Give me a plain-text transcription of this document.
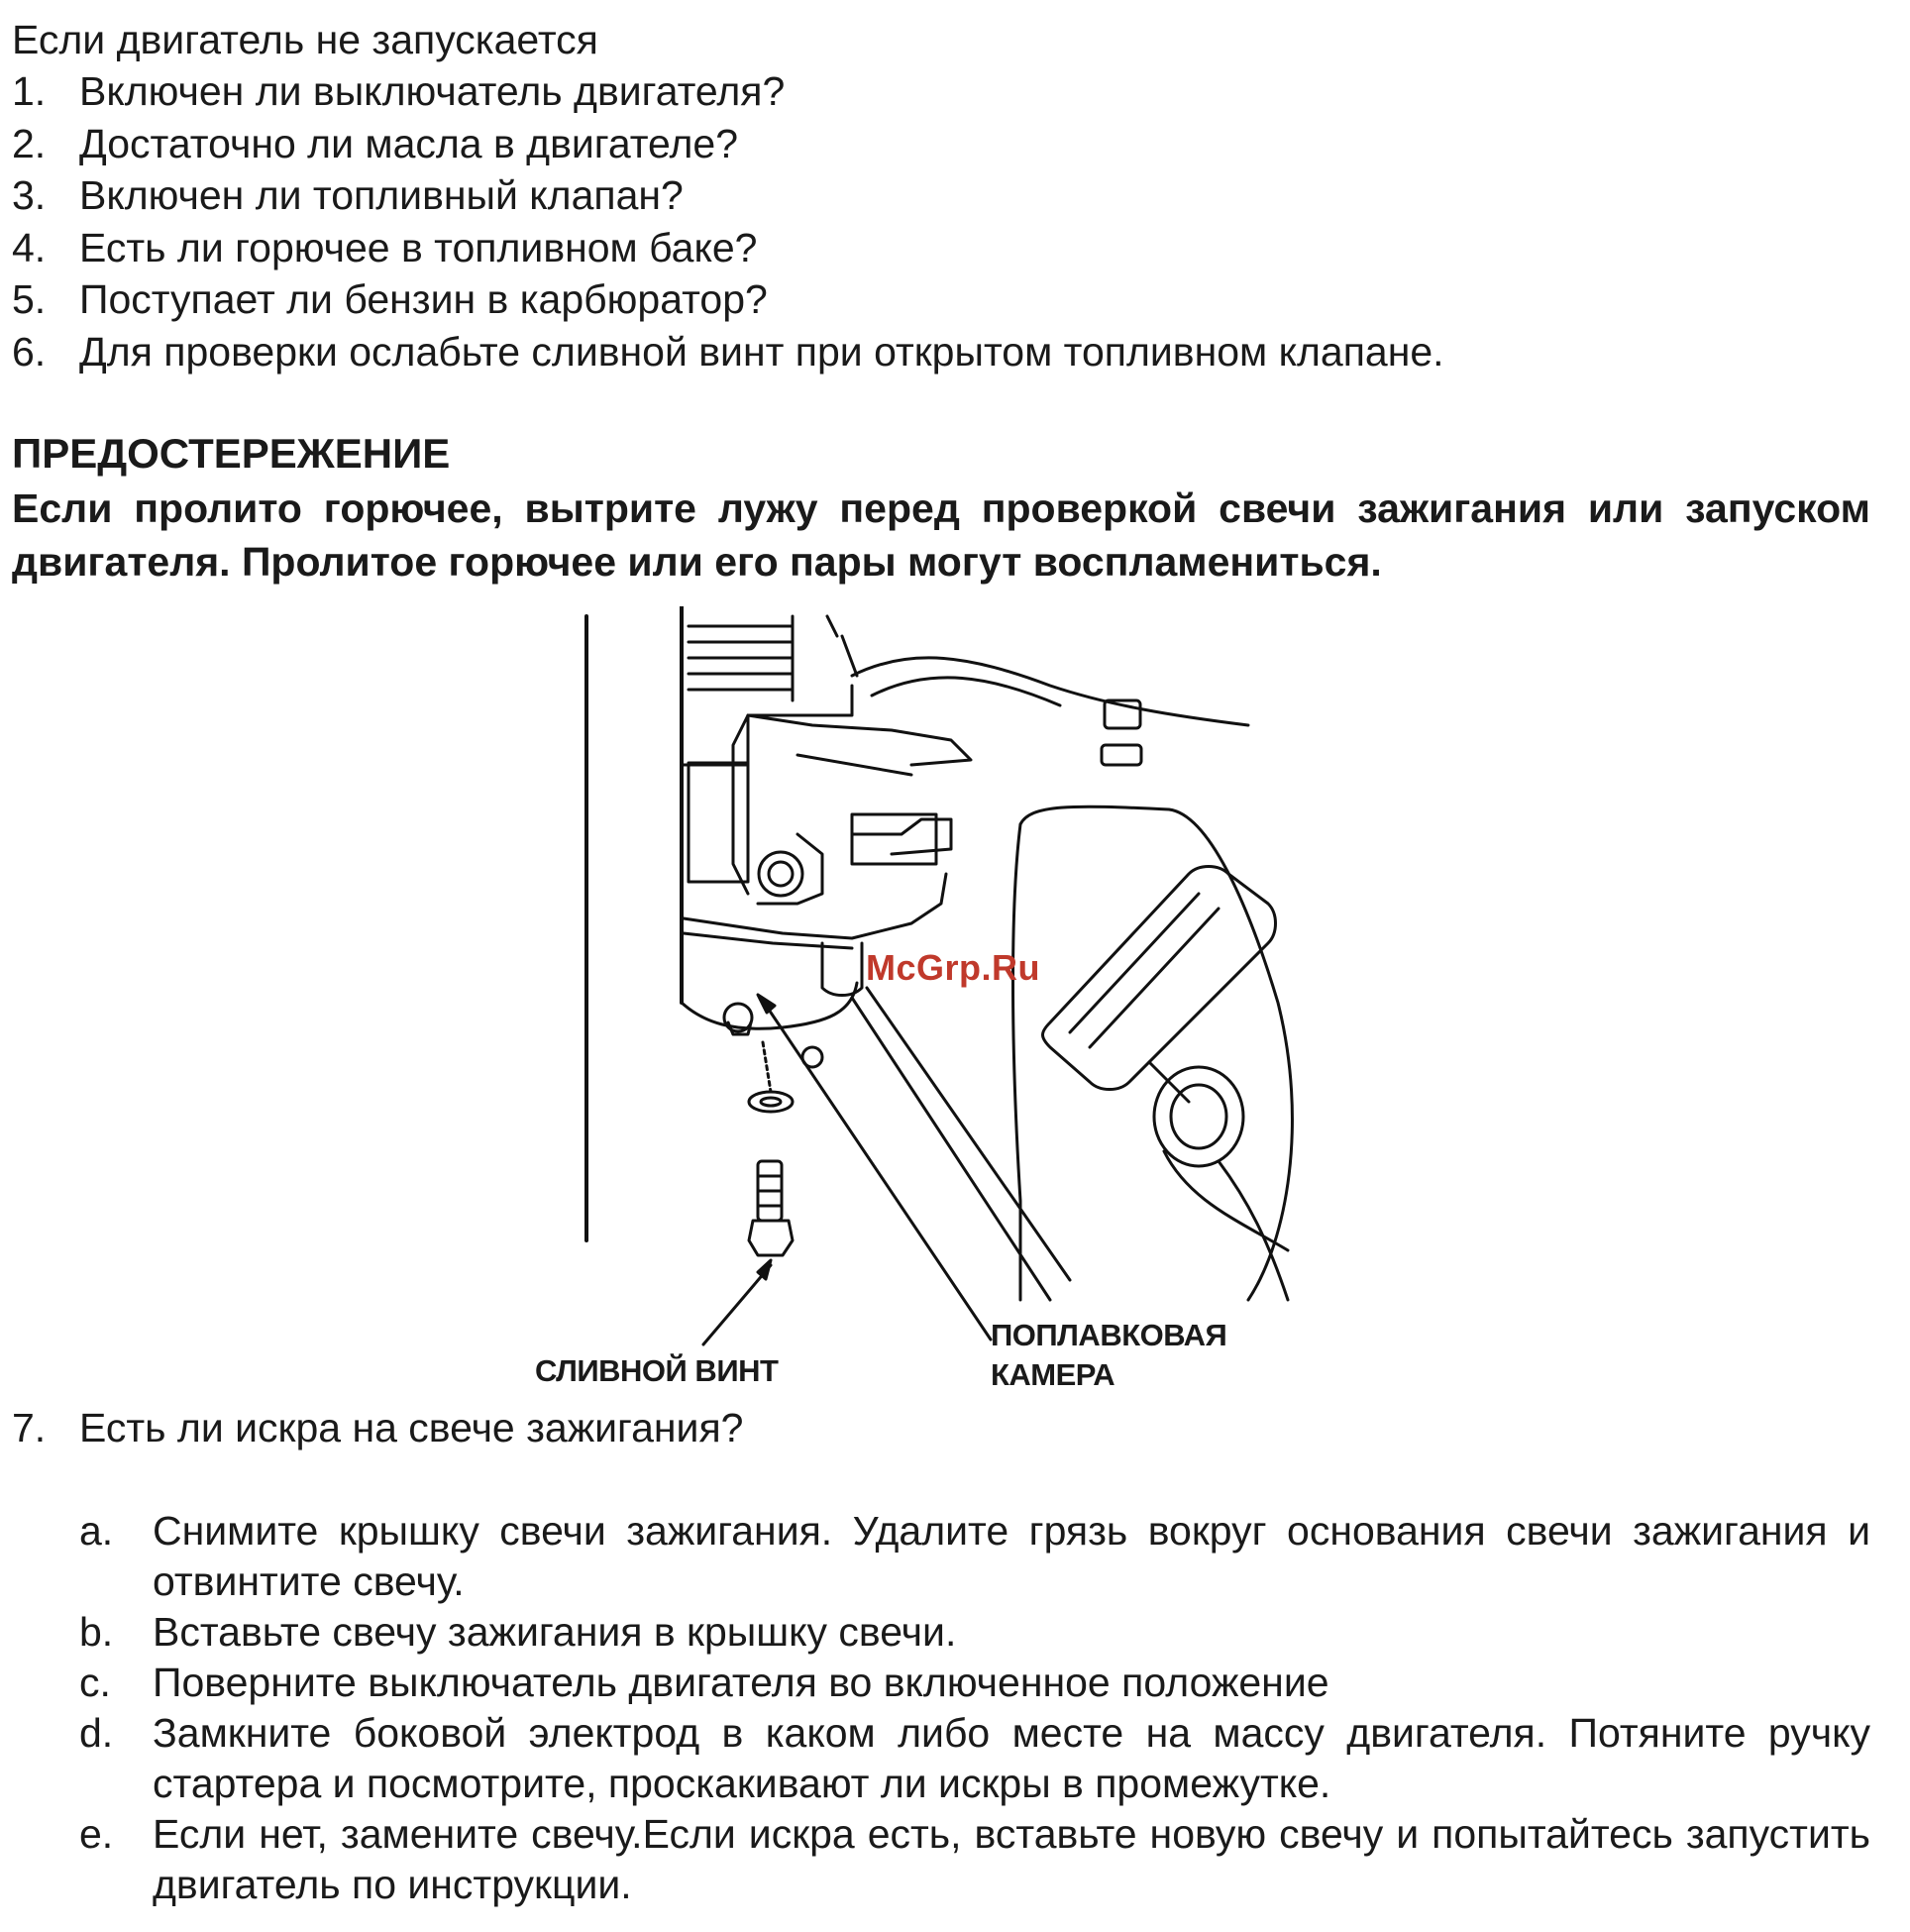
Если двигатель не запускается
1. Включен ли выключатель двигателя?
2. Достаточно ли масла в двигателе?
3. Включен ли топливный клапан?
4. Есть ли горючее в топливном баке?
5. Поступает ли бензин в карбюратор?
6. Для проверки ослабьте сливной винт при открытом топливном клапане.
ПРЕДОСТЕРЕЖЕНИЕ
Если пролито горючее, вытрите лужу перед проверкой свечи зажигания или запуском двигателя. Пролитое горючее или его пары могут воспламениться.
СЛИВНОЙ ВИНТ
ПОПЛАВКОВАЯ
КАМЕРА
McGrp.Ru
7. Есть ли искра на свече зажигания?
a. Снимите крышку свечи зажигания. Удалите грязь вокруг основания свечи зажигания и отвинтите свечу.
b. Вставьте свечу зажигания в крышку свечи.
c.	Поверните выключатель двигателя во включенное положение
d. Замкните боковой электрод в каком либо месте на массу двигателя. Потяните ручку стартера и посмотрите, проскакивают ли искры в промежутке.
e. Если нет, замените свечу.Если искра есть, вставьте новую свечу и попытайтесь запустить двигатель по инструкции.
